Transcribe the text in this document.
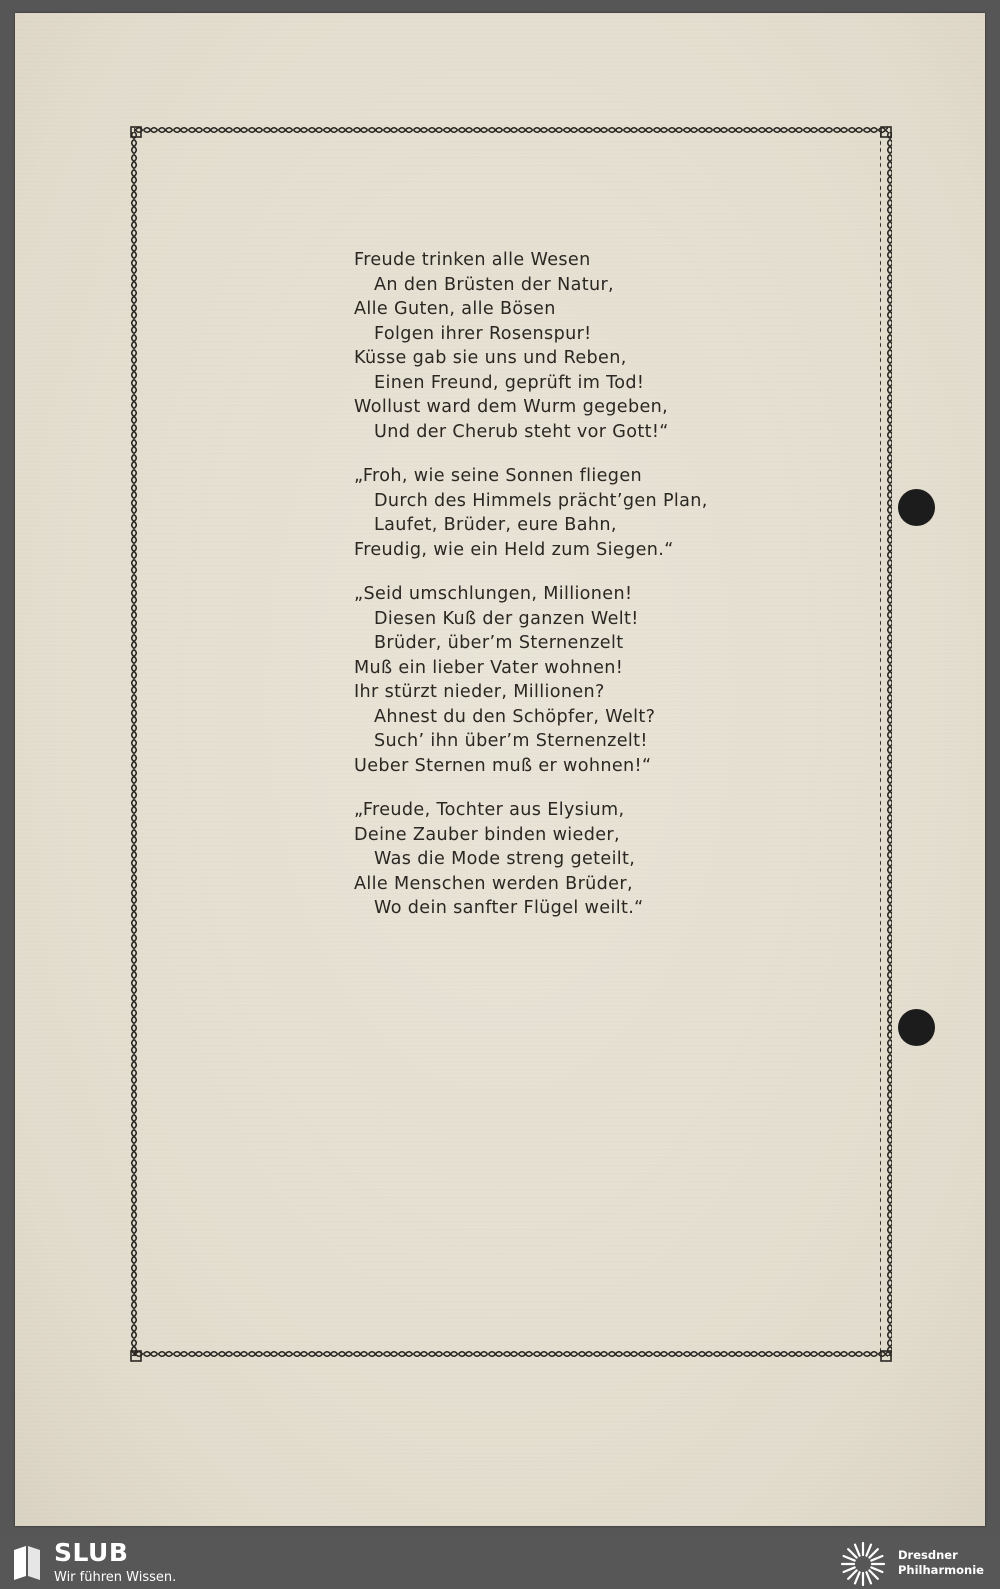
Freude trinken alle Wesen
An den Brüsten der Natur,
Alle Guten, alle Bösen
Folgen ihrer Rosenspur!
Küsse gab sie uns und Reben,
Einen Freund, geprüft im Tod!
Wollust ward dem Wurm gegeben,
Und der Cherub steht vor Gott!“
„Froh, wie seine Sonnen fliegen
Durch des Himmels prächt’gen Plan,
Laufet, Brüder, eure Bahn,
Freudig, wie ein Held zum Siegen.“
„Seid umschlungen, Millionen!
Diesen Kuß der ganzen Welt!
Brüder, über’m Sternenzelt
Muß ein lieber Vater wohnen!
Ihr stürzt nieder, Millionen?
Ahnest du den Schöpfer, Welt?
Such’ ihn über’m Sternenzelt!
Ueber Sternen muß er wohnen!“
„Freude, Tochter aus Elysium,
Deine Zauber binden wieder,
Was die Mode streng geteilt,
Alle Menschen werden Brüder,
Wo dein sanfter Flügel weilt.“
SLUB
Wir führen Wissen.
Dresdner
Philharmonie
